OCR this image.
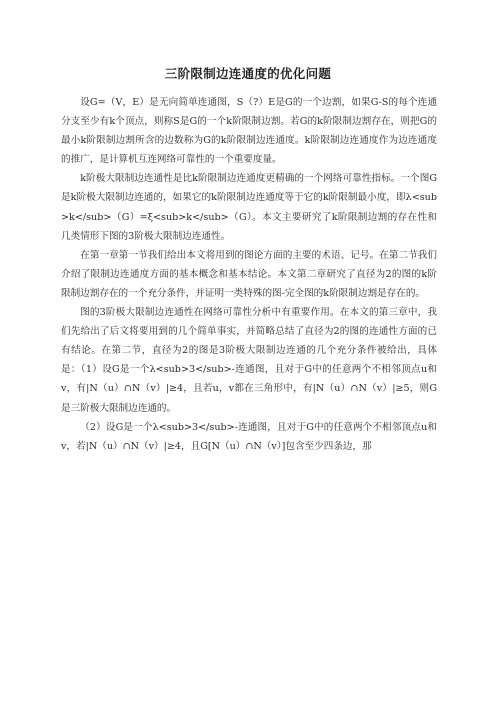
三阶限制边连通度的优化问题

设G=（V，E）是无向简单连通图，S（?）E是G的一个边割，如果G-S的每个连通分支至少有k个顶点，则称S是G的一个k阶限制边割。若G的k阶限制边割存在，则把G的最小k阶限制边割所含的边数称为G的k阶限制边连通度。k阶限制边连通度作为边连通度的推广，是计算机互连网络可靠性的一个重要度量。

k阶极大限制边连通性是比k阶限制边连通度更精确的一个网络可靠性指标。一个图G是k阶极大限制边连通的，如果它的k阶限制边连通度等于它的k阶限制最小度，即λ<sub>k</sub>（G）=ξ<sub>k</sub>（G）。本文主要研究了k阶限制边割的存在性和几类情形下图的3阶极大限制边连通性。

在第一章第一节我们给出本文将用到的图论方面的主要的术语、记号。在第二节我们介绍了限制边连通度方面的基本概念和基本结论。本文第二章研究了直径为2的图的k阶限制边割存在的一个充分条件，并证明一类特殊的图-完全图的k阶限制边割是存在的。

图的3阶极大限制边连通性在网络可靠性分析中有重要作用。在本文的第三章中，我们先给出了后文将要用到的几个简单事实，并简略总结了直径为2的图的连通性方面的已有结论。在第二节，直径为2的图是3阶极大限制边连通的几个充分条件被给出，具体是：（1）设G是一个λ<sub>3</sub>-连通图，且对于G中的任意两个不相邻顶点u和v，有|N（u）∩N（v）|≥4，且若u，v都在三角形中，有|N（u）∩N（v）|≥5，则G是三阶极大限制边连通的。

（2）设G是一个λ<sub>3</sub>-连通图，且对于G中的任意两个不相邻顶点u和v，若|N（u）∩N（v）|≥4，且G[N（u）∩N（v）]包含至少四条边，那
